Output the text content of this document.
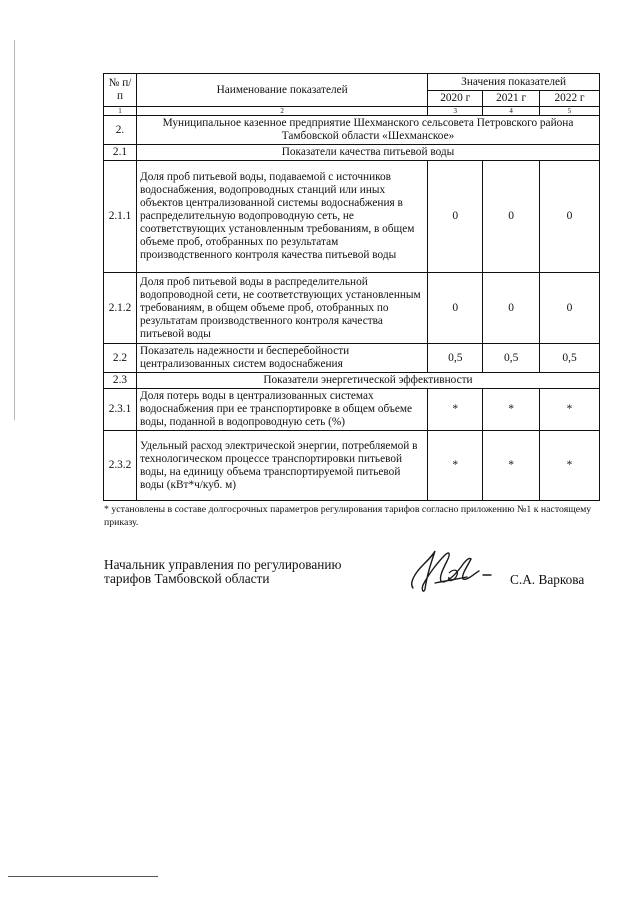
№ п/п	Наименование показателей	Значения показателей		
		2020 г	2021 г	2022 г
1	2	3	4	5
2.	Муниципальное казенное предприятие Шехманского сельсовета Петровского района Тамбовской области «Шехманское»			
2.1	Показатели качества питьевой воды			
2.1.1	Доля проб питьевой воды, подаваемой с источников водоснабжения, водопроводных станций или иных объектов централизованной системы водоснабжения в распределительную водопроводную сеть, не соответствующих установленным требованиям, в общем объеме проб, отобранных по результатам производственного контроля качества питьевой воды	0	0	0
2.1.2	Доля проб питьевой воды в распределительной водопроводной сети, не соответствующих установленным требованиям, в общем объеме проб, отобранных по результатам производственного контроля качества питьевой воды	0	0	0
2.2	Показатель надежности и бесперебойности централизованных систем водоснабжения	0,5	0,5	0,5
2.3	Показатели энергетической эффективности			
2.3.1	Доля потерь воды в централизованных системах водоснабжения при ее транспортировке в общем объеме воды, поданной в водопроводную сеть (%)	*	*	*
2.3.2	Удельный расход электрической энергии, потребляемой в технологическом процессе транспортировки питьевой воды, на единицу объема транспортируемой питьевой воды (кВт*ч/куб. м)	*	*	*
* установлены в составе долгосрочных параметров регулирования тарифов согласно приложению №1 к настоящему приказу.
Начальник управления по регулированию
тарифов Тамбовской области	С.А. Варкова
